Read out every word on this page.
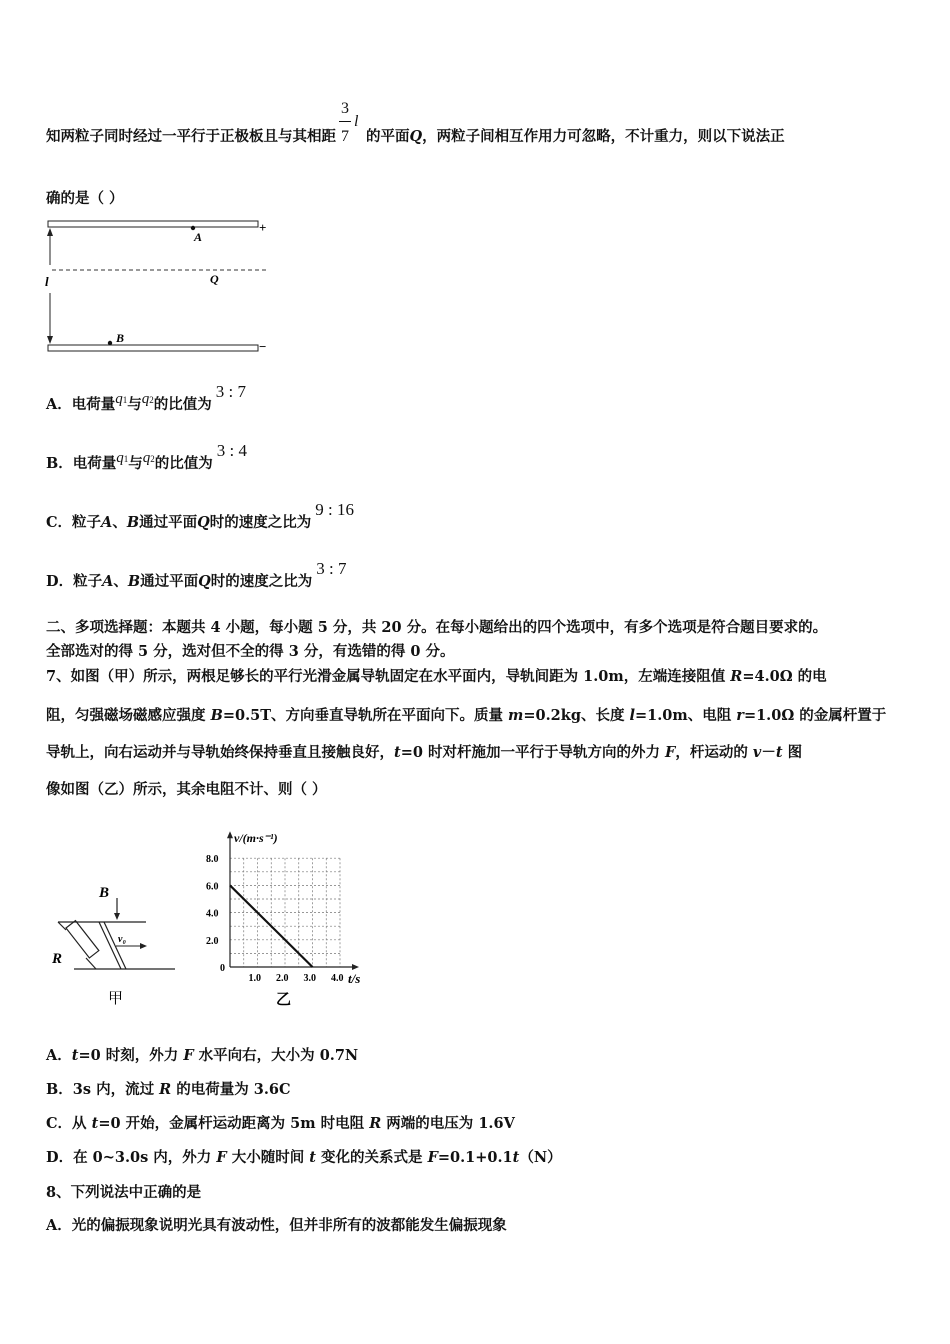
知两粒子同时经过一平行于正极板且与其相距
3
7
l
的平面Q，两粒子间相互作用力可忽略，不计重力，则以下说法正
确的是（ ）
A
B
Q
l
+
−
A．电荷量q1与q2的比值为3 : 7
B．电荷量q1与q2的比值为3 : 4
C．粒子A、B通过平面Q时的速度之比为9 : 16
D．粒子A、B通过平面Q时的速度之比为3 : 7
二、多项选择题：本题共 4 小题，每小题 5 分，共 20 分。在每小题给出的四个选项中，有多个选项是符合题目要求的。
全部选对的得 5 分，选对但不全的得 3 分，有选错的得 0 分。
7、如图（甲）所示，两根足够长的平行光滑金属导轨固定在水平面内，导轨间距为 1.0m，左端连接阻值 R=4.0Ω 的电
阻，匀强磁场磁感应强度 B=0.5T、方向垂直导轨所在平面向下。质量 m=0.2kg、长度 l=1.0m、电阻 r=1.0Ω 的金属杆置于
导轨上，向右运动并与导轨始终保持垂直且接触良好，t=0 时对杆施加一平行于导轨方向的外力 F，杆运动的 v－t 图
像如图（乙）所示，其余电阻不计、则（ ）
B
v₀
R
甲
1.0 2.0 3.0 4.0
0
2.0
4.0
6.0
8.0
v/(m·s⁻¹)
t/s
乙
A．t=0 时刻，外力 F 水平向右，大小为 0.7N
B．3s 内，流过 R 的电荷量为 3.6C
C．从 t=0 开始，金属杆运动距离为 5m 时电阻 R 两端的电压为 1.6V
D．在 0~3.0s 内，外力 F 大小随时间 t 变化的关系式是 F=0.1+0.1t（N）
8、下列说法中正确的是
A．光的偏振现象说明光具有波动性，但并非所有的波都能发生偏振现象
